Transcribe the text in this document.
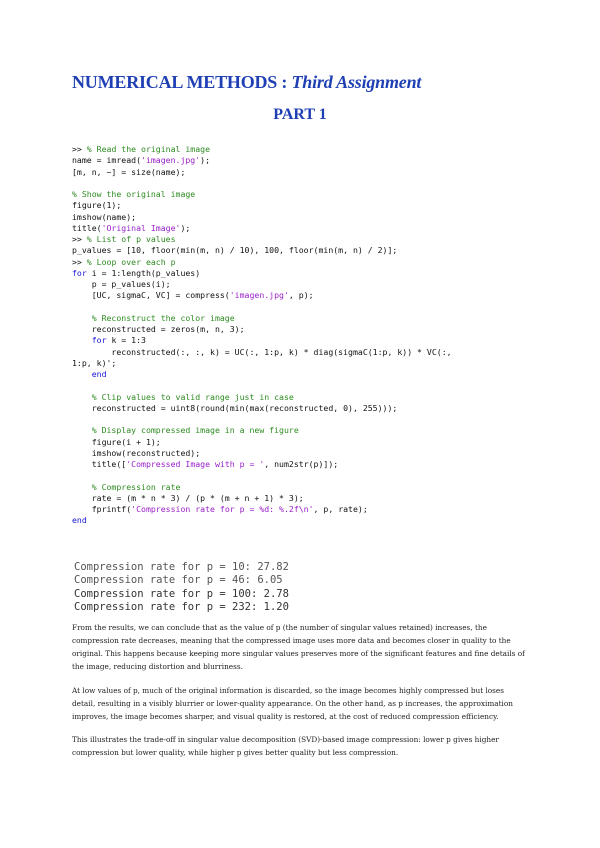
NUMERICAL METHODS : Third Assignment
PART 1
>> % Read the original image
name = imread('imagen.jpg');
[m, n, ~] = size(name);
% Show the original image
figure(1);
imshow(name);
title('Original Image');
>> % List of p values
p_values = [10, floor(min(m, n) / 10), 100, floor(min(m, n) / 2)];
>> % Loop over each p
for i = 1:length(p_values)
p = p_values(i);
[UC, sigmaC, VC] = compress('imagen.jpg', p);
% Reconstruct the color image
reconstructed = zeros(m, n, 3);
for k = 1:3
reconstructed(:, :, k) = UC(:, 1:p, k) * diag(sigmaC(1:p, k)) * VC(:,
1:p, k)';
end
% Clip values to valid range just in case
reconstructed = uint8(round(min(max(reconstructed, 0), 255)));
% Display compressed image in a new figure
figure(i + 1);
imshow(reconstructed);
title(['Compressed Image with p = ', num2str(p)]);
% Compression rate
rate = (m * n * 3) / (p * (m + n + 1) * 3);
fprintf('Compression rate for p = %d: %.2f\n', p, rate);
end
Compression rate for p = 10: 27.82
Compression rate for p = 46: 6.05
Compression rate for p = 100: 2.78
Compression rate for p = 232: 1.20

From the results, we can conclude that as the value of p (the number of singular values retained) increases, the compression rate decreases, meaning that the compressed image uses more data and becomes closer in quality to the original. This happens because keeping more singular values preserves more of the significant features and fine details of the image, reducing distortion and blurriness.

At low values of p, much of the original information is discarded, so the image becomes highly compressed but loses detail, resulting in a visibly blurrier or lower-quality appearance. On the other hand, as p increases, the approximation improves, the image becomes sharper, and visual quality is restored, at the cost of reduced compression efficiency.

This illustrates the trade-off in singular value decomposition (SVD)-based image compression: lower p gives higher compression but lower quality, while higher p gives better quality but less compression.
